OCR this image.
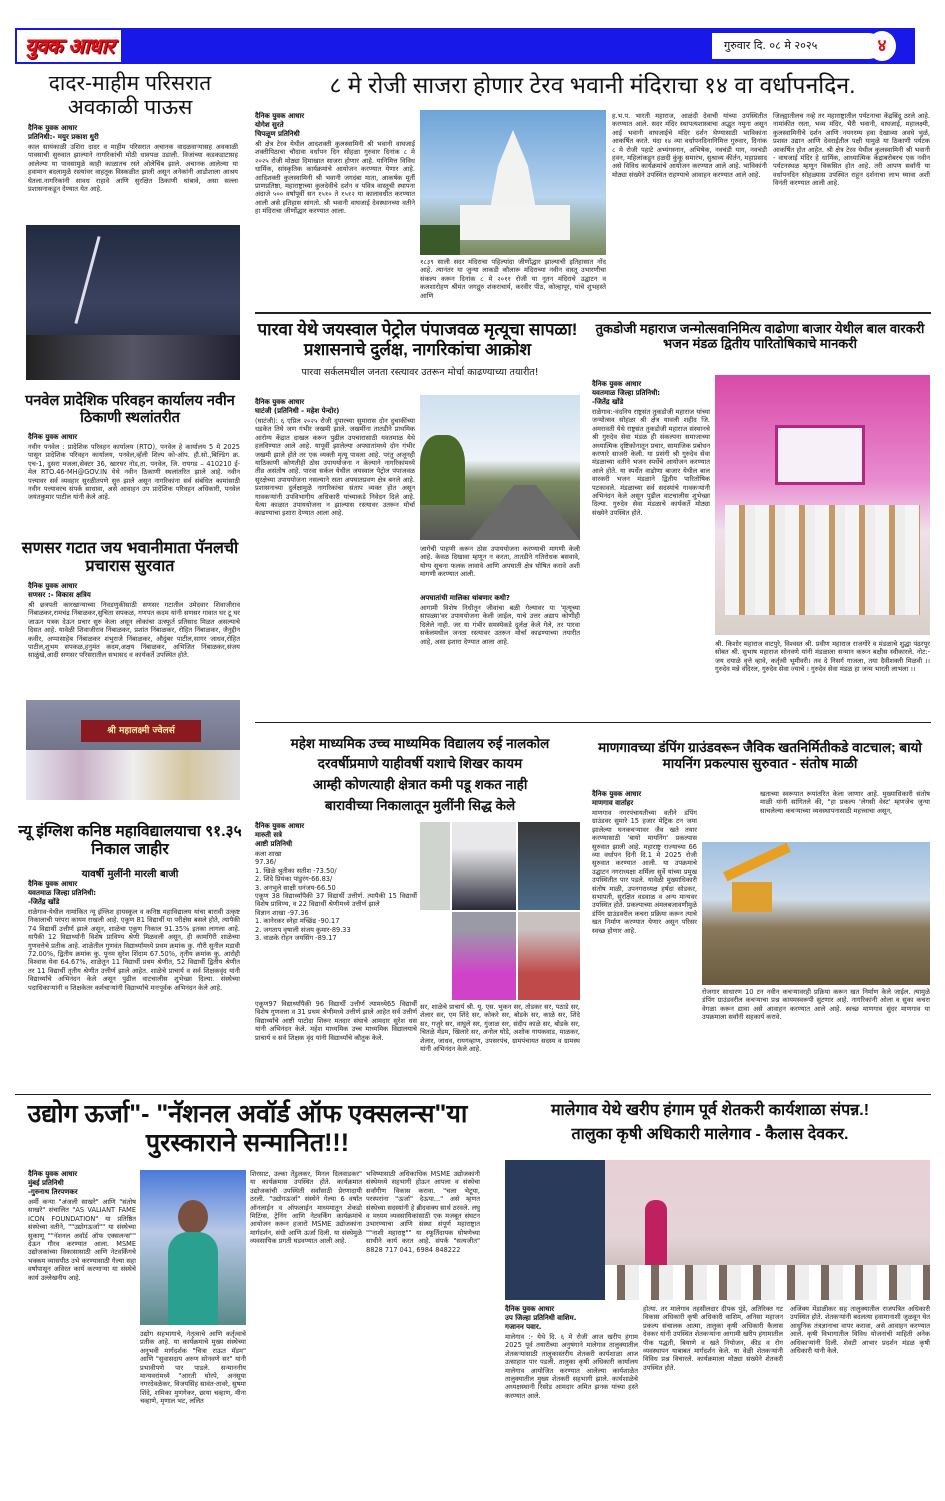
युवक आधार	गुरुवार दि. ०८ मे २०२५	४
दादर-माहीम परिसरात अवकाळी पाऊस
दैनिक युवक आधार
प्रतिनिधी:- मयुर प्रकाश धुरी
काल सायंकाळी उशिरा दादर व माहीम परिसरात अचानक वादळवाऱ्यासह अवकाळी पावसाची सुरुवात झाल्याने नागरिकांची मोठी धावपळ उडाली. विजांच्या कडकडाटासह आलेल्या या पावसामुळे काही काळातच रस्ते ओलेचिंब झाले. अचानक आलेल्या या हवामान बदलामुळे रस्त्यांवर वाहतूक विस्कळीत झाली असून अनेकांनी आडोशाला आश्रय घेतला.नागरिकांनी सावध राहावे आणि सुरक्षित ठिकाणी थांबावे, असा सल्ला प्रशासनाकडून देण्यात येत आहे.
पनवेल प्रादेशिक परिवहन कार्यालय नवीन ठिकाणी स्थलांतरीत
दैनिक युवक आधार
नवीन पनवेल : प्रादेशिक परिवहन कार्यालय (RTO), पनवेल हे कार्यालय 5 मे 2025 पासून प्रादेशिक परिवहन कार्यालय, पनवेल,व्हॅली शिल्प को-ऑप. हौ.सो.,बिल्डिंग क्र. एच-1, दुसरा मजला,सेक्टर 36, खारघर नोड,ता. पनवेल, जि. रायगड – 410210 ई-मेल RTO.46-MH@GOV.IN येथे नवीन ठिकाणी स्थलांतरित झाले आहे. नवीन पत्त्यावर सर्व व्यवहार सुरळीतपणे सुरु झाले असून नागरिकांना सर्व संबंधित कामांसाठी नवीन पत्त्यावरच संपर्क साधावा, असे आवाहन उप प्रादेशिक परिवहन अधिकारी, पनवेल जयंतकुमार पाटील यांनी केले आहे.
सणसर गटात जय भवानीमाता पॅनलची प्रचारास सुरवात
दैनिक युवक आधार
सणसर :- विकास क्षत्रिय
श्री छत्रपती कारखान्याच्या निवडणुकीसाठी सणसर गटातील उमेदवार शिवाजीराव निंबाळकर,रामचंद्र निंबाळकर,सुचिता सपकळ, गणपत कदम यांनी सणसर गावात घर टू घर जाऊन पत्रक देऊन प्रचार सुरु केला असून लोकांचा उत्स्फूर्त प्रतिसाद मिळत असल्याचे दिसत आहे. यावेळी शिवाजीराव निंबाळकर, प्रशांत निंबाळकर, रोहित निंबाळकर, जैनुद्दीन कवीर, अप्पासाहेब निंबाळकर शंभुराजे निंबाळकर, औदुंबर पाटील,सागर जाधव,रोहित पाटील,शुभम सपकळ,हनुमंत कदम,अक्षय निंबाळकर, अभिजित निंबाळकर,संजय साळुंखे,आदी सणसर परिसरातील सभासद व कार्यकर्ते उपस्थित होते.
श्री महालक्ष्मी ज्वेलर्स
न्यू इंग्लिश कनिष्ठ महाविद्यालयाचा ९१.३५ निकाल जाहीर
यावर्षी मुलींनी मारली बाजी
दैनिक युवक आधार
यवतमाळ जिल्हा प्रतिनिधी:
-जितेंद्र खोंडे
राळेगाव-येथील नामांकित न्यू इंग्लिश हायस्कूल व कनिष्ठ महाविद्यालय यांचा बारावी उत्कृष्ट निकालाची परंपरा कायम राखली आहे. एकूण 81 विद्यार्थी या परीक्षेस बसले होते, त्यापैकी 74 विद्यार्थी उत्तीर्ण झाले असून, शाळेचा एकूण निकाल 91.35% इतका लागला आहे. यापैकी 12 विद्यार्थ्यांनी विशेष प्राविण्य श्रेणी मिळवली असून, ही कामगिरी शाळेच्या गुणवत्तेचे प्रतीक आहे. शाळेतील गुणवंत विद्यार्थ्यांमध्ये प्रथम क्रमांक कु. गौरी सुनील मडावी 72.00%, द्वितीय क्रमांक कु. पूनम सुरेश शिंदाम 67.50%, तृतीय क्रमांक कु. आरोही विश्वास येवा 64.67%, शाळेतून 11 विद्यार्थी प्रथम श्रेणीत, 52 विद्यार्थी द्वितीय श्रेणीत तर 11 विद्यार्थी तृतीय श्रेणीत उत्तीर्ण झाले आहेत. शाळेचे प्राचार्य व सर्व शिक्षकवृंद यांनी विद्यार्थ्यांचे अभिनंदन केले असून पुढील वाटचालीस शुभेच्छा दिल्या. संस्थेच्या पदाधिकाऱ्यांनी व शिक्षकेतर कर्मचाऱ्यांनी विद्यार्थ्यांचे मनःपूर्वक अभिनंदन केले आहे.
८ मे रोजी साजरा होणार टेरव भवानी मंदिराचा १४ वा वर्धापनदिन.
दैनिक युवक आधार
योगेश सुरते
चिपळूण प्रतिनिधी
श्री क्षेत्र टेरव येथील आदशक्ती कुलस्वामिनी श्री भवानी वाघजाई शक्तीपिठाचा चौदावा वर्धापन दिन सोहळा गुरुवार दिनांक ८ मे २०२५ रोजी मोठ्या दिमाखात साजरा होणार आहे. यानिमित्त विविध धार्मिक, सांस्कृतिक कार्यक्रमांचे आयोजन करण्यात येणार आहे. आदिशक्ती कुलस्वामिनी श्री भवानी जगदंबा माता, आकर्षक मूर्ती प्राणप्रतिष्ठा, महाराष्ट्राच्या कुलदेवीचे दर्शन व पवित्र वास्तूची स्थापना अंदाजे ५०० वर्षांपूर्वी सन १५१० ते १५१२ या कालावधीत करण्यात आली असे इतिहास सांगतो. श्री भवानी वाघजाई देवस्थानच्या वतीने हा मंदिराचा जीर्णोद्धार करण्यात आला.
१८३९ साली सदर मंदिराचा पहिल्यांदा जीर्णोद्धार झाल्याची इतिहासात नोंद आहे. त्यानंतर या जुन्या लाकडी कौलारू मंदिराच्या नवीन वास्तू उभारणीचा संकल्प करून दिनांक ८ मे २०११ रोजी या नूतन मंदिराचे उद्घाटन व कलशारोहण श्रीमंत जगद्गुरु शंकराचार्य, करवीर पीठ, कोल्हापूर, यांचे शुभहस्ते आणि
ह.भ.प. भारती महाराज, आळंदी देवाची यांच्या उपस्थितीत करण्यात आले. सदर मंदिर स्थापत्यशास्त्राचा अद्भुत नमुना असून आई भवानी वाघजाईचे मंदिर दर्शन घेण्यासाठी भाविकांना आकर्षित करते. यंदा १४ व्या वर्धापनदिनानिमित्त गुरुवार, दिनांक ८ मे रोजी पहाटे अभ्यंगस्नान, अभिषेक, नवचंडी याग, नवचंडी हवन, महिलांकडून हळदी कुंकू समारंभ, सुश्राव्य कीर्तन, महाप्रसाद असे विविध कार्यक्रमांचे आयोजन करण्यात आले आहे. भाविकांनी मोठ्या संख्येने उपस्थित राहण्याचे आवाहन करण्यात आले आहे.
जिल्ह्यातीलच नव्हे तर महाराष्ट्रातील पर्यटनाचा केंद्रबिंदू ठरले आहे. नामांकीत रस्ता, भव्य मंदिर, भैरी भवानी, वाघजाई, महालक्ष्मी, कुलस्वामिनीचे दर्शन आणि नयनरम्य हवा देखाव्या अवघे भुर्ळ, प्रशस्त उद्यान आणि देवराईतील पक्षी यामुळे या ठिकाणी पर्यटक आकर्षित होत आहेत. श्री क्षेत्र टेरव येथील कुलस्वामिनी श्री भवानी - वाघजाई मंदिर हे धार्मिक, आध्यात्मिक केंद्राबरोबरच एक नवीन पर्यटनस्थळ म्हणून विकसित होत आहे. तरी आपण सर्वांनी या वर्धापनदिन सोहळ्यास उपस्थित राहून दर्शनाचा लाभ घ्यावा अशी विनंती करण्यात आली आहे.
पारवा येथे जयस्वाल पेट्रोल पंपाजवळ मृत्यूचा सापळा! प्रशासनाचे दुर्लक्ष, नागरिकांचा आक्रोश
पारवा सर्कलमधील जनता रस्त्यावर उतरून मोर्चा काढण्याच्या तयारीत!
दैनिक युवक आधार
घाटंजी (प्रतिनिधी - महेश पेन्दोर)
(घाटंजी): ६ एप्रिल २०२५ रोजी दुपारच्या सुमारास दोन दुचाकींच्या धडकेत तिघे जण गंभीर जखमी झाले. जखमींना तातडीने प्राथमिक आरोग्य केंद्रात दाखल करून पुढील उपचारासाठी यवतमाळ येथे हलविण्यात आले आहे. यापूर्वी झालेल्या अपघातांमध्ये दोन गंभीर जखमी झाले होते तर एक व्यक्ती मृत्यू पावला आहे. परंतु अजूनही याठिकाणी कोणतीही ठोस उपाययोजना न केल्याने नागरिकांमध्ये तीव्र असंतोष आहे. पारवा सर्कल येथील जयस्वाल पेट्रोल पंपाजवळ सुरक्षेच्या उपाययोजना नसल्याने रस्ता अपघातप्रवण क्षेत्र बनले आहे. प्रशासनाच्या दुर्लक्षामुळे नागरिकांचा संताप व्यक्त होत असून गावकऱ्यांनी उपविभागीय अधिकारी यांच्याकडे निवेदन दिले आहे. येत्या काळात उपाययोजना न झाल्यास रस्त्यावर उतरून मोर्चा काढण्याचा इशारा देण्यात आला आहे.
जागेची पाहणी करून ठोस उपाययोजना करण्याची मागणी केली आहे. केवळ दिखावा म्हणून न करता, तातडीने गतिरोधक बसवावे, योग्य सूचना फलक लावावे आणि अपघाती क्षेत्र घोषित करावे अशी मागणी करण्यात आली.
अपघातांची मालिका थांबणार कधी?
आगामी विशेष निधीतून जीवांचा बळी गेल्यावर या 'मृत्यूच्या सापळ्या'वर उपाययोजना केली जाईल, याचे उत्तर अद्याप कोणीही दिलेले नाही. जर या गंभीर समस्येकडे दुर्लक्ष केले गेले, तर पारवा सर्कलमधील जनता रस्त्यावर उतरून मोर्चा काढण्याच्या तयारीत आहे, असा इशारा देण्यात आला आहे.
तुकडोजी महाराज जन्मोत्सवानिमित्य वाढोणा बाजार येथील बाल वारकरी भजन मंडळ द्वितीय पारितोषिकाचे मानकरी
दैनिक युवक आधार
यवतमाळ जिल्हा प्रतिनिधी:
-जितेंद्र खोंडे
राळेगाव:-वंदनिय राष्ट्रसंत तुकडोजी महाराज यांच्या जन्मोत्सव सोहळा श्री क्षेत्र यावली शहीद जि. अमरावती येथे राष्ट्रसंत तुकडोजी महाराज संस्थानचे श्री गुरुदेव सेवा मंडळ ही संकल्पना समाजाच्या अध्यात्मिक दृष्टिकोनातून प्रचार, सामाजिक प्रबोधन करणारे साजरी केली. या प्रसंगी श्री गुरुदेव सेवा मंडळाच्या वतीने भजन स्पर्धेचे आयोजन करण्यात आले होते. या स्पर्धेत वाढोणा बाजार येथील बाल वारकरी भजन मंडळाने द्वितीय पारितोषिक पटकावले. मंडळाच्या सर्व सदस्यांचे गावकऱ्यांनी अभिनंदन केले असून पुढील वाटचालीस शुभेच्छा दिल्या. गुरुदेव सेवा मंडळाचे कार्यकर्ते मोठ्या संख्येने उपस्थित होते.
श्री. किशोर महाराज वाटपुरे, विश्वस्त श्री. प्रवीण महाराज राजगोरे व मंडळाचे शुद्धा पंढरपूर सोबत श्री. सुभाष महाराज सोनवणे यांनी मंडळाला सन्मान करून बक्षीस स्वीकारले. नोट:- जय दयाळे वृत्ते व्हावे, कर्तृत्वी भूमीवरी। तव दे निसर्ग गाजला, तया दैवीशक्ती मिळवी ।। गुरुदेव मन्ने वंदिरल, गुरुदेव सेवा ज्याचे । गुरुदेव सेवा मंडळ हा जन्म भारती लाभला ।।
महेश माध्यमिक उच्च माध्यमिक विद्यालय रुई नालकोल
दरवर्षीप्रमाणे याहीवर्षी यशाचे शिखर कायम
आम्ही कोणत्याही क्षेत्रात कमी पडू शकत नाही
बारावीच्या निकालातून मुलींनी सिद्ध केले
दैनिक युवक आधार
मारुती सत्रे
आष्टी प्रतिनिधी
कला शाखा
97.36/
1. खिळे श्रुतीका सतीश -73.50/
2. शिंदे प्रियंका पांडुरंग-66.83/
3. अनभुले साक्षी धनंजय-66.50
एकूण 38 विद्यार्थ्यांपैकी 37 विद्यार्थी उत्तीर्ण. त्यापैकी 15 विद्यार्थी विशेष प्राविण्य, व 22 विद्यार्थी श्रेणीमध्ये उत्तीर्ण झाले
विज्ञान शाखा -97.36
1. कानेरकर स्नेहा मच्छिंद्र -90.17
2. जगताप वृषाली संजय कुमार-89.33
3. वाळके रोहन जयसिंग -89.17
एकूण97 विद्यार्थ्यांपैकी 96 विद्यार्थी उत्तीर्ण त्यामध्ये65 विद्यार्थी विशेष गुणवत्ता व 31 प्रथम श्रेणीमध्ये उत्तीर्ण झाले आहेत सर्व उत्तीर्ण विद्यार्थ्यांचे आष्टी पाटोदा शिरूर मतदार संघाचे आमदार सुरेश धस यांनी अभिनंदन केले. महेश माध्यमिक उच्च माध्यमिक विद्यालयाचे प्राचार्य व सर्व शिक्षक वृंद यांनी विद्यार्थ्यांचे कौतुक केले.
सर, शाळेचे प्राचार्य श्री. यू. एस. भुकन सर, तोडकर सर, पठाडे सर, शेलार सर, एम शिंदे सर, कोकरे सर, बोडके सर, काळे सर, शिंदे सर, गजुरे सर, वाघुले सर, गुंजाळ सर, संदीप काळे सर, बोडके सर, चितळे मॅडम, खिलारे सर, अनोल घोडे, अशोक गायकवाड, माळकर, शेलार, जाधव, रायगव्हाण, उपसरपंच, ग्रामपंचायत सदस्य व ग्रामस्थ यांनी अभिनंदन केले आहे.
माणगावच्या डंपिंग ग्राउंडवरून जैविक खतनिर्मितीकडे वाटचाल; बायो मायनिंग प्रकल्पास सुरुवात - संतोष माळी
दैनिक युवक आधार
माणगाव वार्ताहर
माणगाव नगरपंचायतीच्या वतीने डंपिंग ग्राउंडवर सुमारे 15 हजार मेट्रिक टन जमा झालेल्या घनकचऱ्यावर जैव खते तयार करण्यासाठी 'बायो मायनिंग' प्रकल्पास सुरुवात झाली आहे. महाराष्ट्र राज्याच्या 66 व्या वर्धापन दिनी दि.1 मे 2025 रोजी सुरुवात करण्यात आली. या उपक्रमाचे उद्घाटन नगराध्यक्षा शर्मिला सुर्वे यांच्या प्रमुख उपस्थितीत पार पडले. यावेळी मुख्याधिकारी संतोष माळी, उपनगराध्यक्ष हर्षदा सोडकर, सभापती, सुरक्षित वडवाळ व अन्य मान्यवर उपस्थित होते. प्रकल्पाच्या अंमलबजावणीमुळे डंपिंग ग्राउंडवरील कचरा प्रक्रिया करून त्याचे खत निर्माण करण्यात येणार असून परिसर स्वच्छ होणार आहे.
खताच्या स्वरूपात रूपांतरित केला जाणार आहे. मुख्याधिकारी संतोष माळी यांनी सांगितले की, "हा प्रकल्प 'लेगसी वेस्ट' म्हणजेच जुन्या साचलेल्या कचऱ्याच्या व्यवस्थापनासाठी महत्त्वाचा असून,
रोजगार साधारण 10 टन नवीन कचऱ्यावरही प्रक्रिया करून खत निर्माण केले जाईल. त्यामुळे डंपिंग ग्राउंडवरील कचऱ्याचा प्रश्न कायमस्वरूपी सुटणार आहे. नागरिकांनी ओला व सुका कचरा वेगळा करून द्यावा असे आवाहन करण्यात आले आहे. स्वच्छ माणगाव सुंदर माणगाव या उपक्रमाला सर्वांनी सहकार्य करावे.
उद्योग ऊर्जा"- "नॅशनल अवॉर्ड ऑफ एक्सलन्स"या पुरस्काराने सन्मानित!!!
दैनिक युवक आधार
मुंबई प्रतिनिधी
-गुरुनाथ तिरपणकर
अर्मी कन्या "अंजली साखरे" आणि "संतोष साखरे" संचालित "AS VALIANT FAME ICON FOUNDATION" या प्रतिष्ठित संस्थेच्या वतीने, ""उद्योगऊर्जा"" या संस्थेच्या सुकाणू ""नॅशनल अवॉर्ड ऑफ एक्सलन्स"" देऊन गौरव करण्यात आला. MSME उद्योजकांच्या विकासासाठी आणि नेटवर्किंगचे भक्कम व्यासपीठ उभे करण्यासाठी गेल्या सहा वर्षांपासून अविरत कार्य करणाऱ्या या संस्थेचे कार्य उल्लेखनीय आहे.
उद्योग सहभागाचे, नेतृत्वाचे आणि कर्तृत्वाचे प्रतीक आहे. या कार्यक्रमाचे मुख्य संस्थेच्या अनुभवी मार्गदर्शक "चित्रा राऊत मॅडम" आणि "सुवासदाय अरुण सोनवणे सर" यांनी प्रभावीपणे पार पाडले. सन्माननीय मान्यवरांमध्ये "आरती घोरपे, अनसूया नगरदेवळेकर, विजयसिंह सावंत-तावरे, सुषमा शिंदे, शमिका मुणगेकर, छाया चव्हाण, मीना चव्हाणे, मृणाल भट, ललित
शिरसाट, उल्का तेंडुलकर, मिनल दिलवाडकर" या कार्यक्रमास उपस्थित होते. कार्यक्रमात उद्योजकांची उपस्थिती सर्वांसाठी प्रेरणादायी ठरली. "उद्योगऊर्जा" संस्थेने गेल्या 6 वर्षांत ऑनलाईन व ऑफलाईन माध्यमातून शेकडो मिटिंग्स, ट्रेनिंग आणि नेटवर्किंग कार्यक्रमांचे आयोजन करून हजारो MSME उद्योजकांना मार्गदर्शन, संधी आणि ऊर्जा दिली. या संस्थेमुळे व्यवसायिक प्रगती घडवण्यात आली आहे.
भविष्यासाठी अधिकाधिक MSME उद्योजकांनी संस्थेमध्ये सहभागी होऊन आपला व संस्थेचा सर्वांगीण विकास करावा. "चला भेटूया, परस्परांना "ऊर्जा" देऊया..." असे म्हणत संस्थेच्या सदस्यांनी हे ब्रीदवाक्य सार्थ ठरवले. लघु व मध्यम व्यवसायिकांसाठी एक मजबूत संघटन उभारण्याचा आणि संस्था संपूर्ण महाराष्ट्रात ""नाशी महाराष्ट्र"" या स्फूर्तिदायक घोषणेच्या साथीने कार्य करत आहे. संपर्क "सत्यजीत" 8828 717 041, 6984 848222
मालेगाव येथे खरीप हंगाम पूर्व शेतकरी कार्यशाळा संपन्न.!
तालुका कृषी अधिकारी मालेगाव - कैलास देवकर.
दैनिक युवक आधार
उप जिल्हा प्रतिनिधी वाशिम.
गजानन पवार.
मालेगाव :- येथे दि. ६ मे रोजी आज खरीप हंगाम 2025 पूर्व तयारीच्या अनुषंगाने मालेगाव तालुक्यातील शेतकऱ्यांसाठी तालुकास्तरीय शेतकरी कार्यशाळा आज उत्साहात पार पडली. तालुका कृषी अधिकारी कार्यालय मालेगाव आयोजित करण्यात आलेल्या कार्यशाळेत तालुक्यातील मुख्य शेतकरी सहभागी झाले. कार्यशाळेचे अध्यक्षस्थानी रिसोड आमदार अमित झनक यांच्या हस्ते करण्यात आले.
होत्या. तर मालेगाव तहसीलदार दीपक पुंडे, अतिरिक्त गट विकास अधिकारी कृषी अधिकारी वाशिम, अनिसा महाजन प्रकल्प संचालक आत्मा, तालुका कृषी अधिकारी कैलास देवकर यांनी उपस्थित शेतकऱ्यांना आगामी खरीप हंगामातील पीक पद्धती, बियाणे व खते नियोजन, कीड व रोग व्यवस्थापन याबाबत मार्गदर्शन केले. या वेळी शेतकऱ्यांनी विविध प्रश्न विचारले. कार्यक्रमाला मोठ्या संख्येने शेतकरी उपस्थित होते.
अजिंक्य मेंडाळीकर सह तालुक्यातील राजपत्रित अधिकारी उपस्थित होते. शेतकऱ्यांनी बदलत्या हवामानाशी जुळवून घेत आधुनिक तंत्रज्ञानाचा वापर करावा, असे आवाहन करण्यात आले. कृषी विभागातील विविध योजनांची माहिती अनेक अधिकाऱ्यांनी दिली. शेवटी आभार प्रदर्शन मंडळ कृषी अधिकारी यांनी केले.
